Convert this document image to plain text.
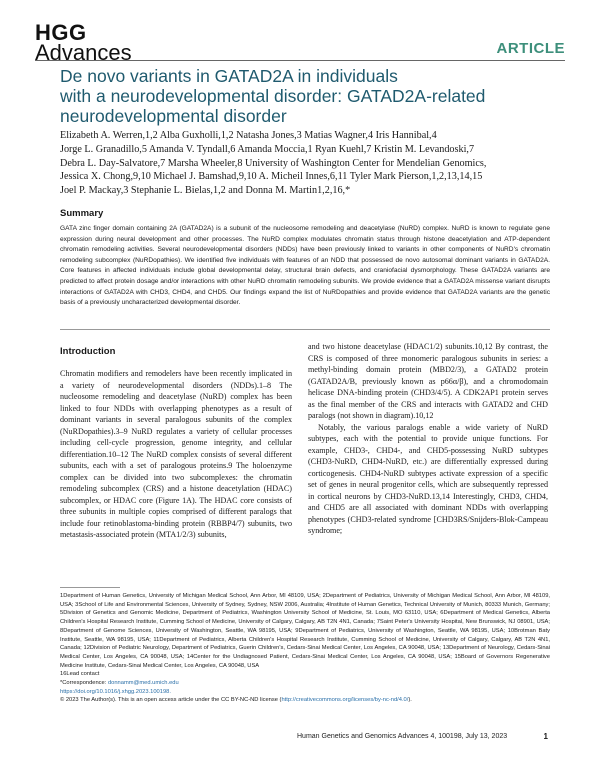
HGG
Advances	ARTICLE
De novo variants in GATAD2A in individuals
with a neurodevelopmental disorder: GATAD2A-related
neurodevelopmental disorder
Elizabeth A. Werren,1,2 Alba Guxholli,1,2 Natasha Jones,3 Matias Wagner,4 Iris Hannibal,4
Jorge L. Granadillo,5 Amanda V. Tyndall,6 Amanda Moccia,1 Ryan Kuehl,7 Kristin M. Levandoski,7
Debra L. Day-Salvatore,7 Marsha Wheeler,8 University of Washington Center for Mendelian Genomics,
Jessica X. Chong,9,10 Michael J. Bamshad,9,10 A. Micheil Innes,6,11 Tyler Mark Pierson,1,2,13,14,15
Joel P. Mackay,3 Stephanie L. Bielas,1,2 and Donna M. Martin1,2,16,*
Summary
GATA zinc finger domain containing 2A (GATAD2A) is a subunit of the nucleosome remodeling and deacetylase (NuRD) complex. NuRD is known to regulate gene expression during neural development and other processes. The NuRD complex modulates chromatin status through histone deacetylation and ATP-dependent chromatin remodeling activities. Several neurodevelopmental disorders (NDDs) have been previously linked to variants in other components of NuRD's chromatin remodeling subcomplex (NuRDopathies). We identified five individuals with features of an NDD that possessed de novo autosomal dominant variants in GATAD2A. Core features in affected individuals include global developmental delay, structural brain defects, and craniofacial dysmorphology. These GATAD2A variants are predicted to affect protein dosage and/or interactions with other NuRD chromatin remodeling subunits. We provide evidence that a GATAD2A missense variant disrupts interactions of GATAD2A with CHD3, CHD4, and CHD5. Our findings expand the list of NuRDopathies and provide evidence that GATAD2A variants are the genetic basis of a previously uncharacterized developmental disorder.
Introduction

Chromatin modifiers and remodelers have been recently implicated in a variety of neurodevelopmental disorders (NDDs).1–8 The nucleosome remodeling and deacetylase (NuRD) complex has been linked to four NDDs with overlapping phenotypes as a result of dominant variants in several paralogous subunits of the complex (NuRDopathies).3–9 NuRD regulates a variety of cellular processes including cell-cycle progression, genome integrity, and cellular differentiation.10–12 The NuRD complex consists of several different subunits, each with a set of paralogous proteins.9 The holoenzyme complex can be divided into two subcomplexes: the chromatin remodeling subcomplex (CRS) and a histone deacetylation (HDAC) subcomplex, or HDAC core (Figure 1A). The HDAC core consists of three subunits in multiple copies comprised of different paralogs that include four retinoblastoma-binding protein (RBBP4/7) subunits, two metastasis-associated protein (MTA1/2/3) subunits,

and two histone deacetylase (HDAC1/2) subunits.10,12 By contrast, the CRS is composed of three monomeric paralogous subunits in series: a methyl-binding domain protein (MBD2/3), a GATAD2 protein (GATAD2A/B, previously known as p66α/β), and a chromodomain helicase DNA-binding protein (CHD3/4/5). A CDK2AP1 protein serves as the final member of the CRS and interacts with GATAD2 and CHD paralogs (not shown in diagram).10,12

Notably, the various paralogs enable a wide variety of NuRD subtypes, each with the potential to provide unique functions. For example, CHD3-, CHD4-, and CHD5-possessing NuRD subtypes (CHD3-NuRD, CHD4-NuRD, etc.) are differentially expressed during corticogenesis. CHD4-NuRD subtypes activate expression of a specific set of genes in neural progenitor cells, which are subsequently repressed in cortical neurons by CHD3-NuRD.13,14 Interestingly, CHD3, CHD4, and CHD5 are all associated with dominant NDDs with overlapping phenotypes (CHD3-related syndrome [CHD3RS/Snijders-Blok-Campeau syndrome;

1Department of Human Genetics, University of Michigan Medical School, Ann Arbor, MI 48109, USA; 2Department of Pediatrics, University of Michigan Medical School, Ann Arbor, MI 48109, USA; 3School of Life and Environmental Sciences, University of Sydney, Sydney, NSW 2006, Australia; 4Institute of Human Genetics, Technical University of Munich, 80333 Munich, Germany; 5Division of Genetics and Genomic Medicine, Department of Pediatrics, Washington University School of Medicine, St. Louis, MO 63110, USA; 6Department of Medical Genetics, Alberta Children's Hospital Research Institute, Cumming School of Medicine, University of Calgary, Calgary, AB T2N 4N1, Canada; 7Saint Peter's University Hospital, New Brunswick, NJ 08901, USA; 8Department of Genome Sciences, University of Washington, Seattle, WA 98195, USA; 9Department of Pediatrics, University of Washington, Seattle, WA 98195, USA; 10Brotman Baty Institute, Seattle, WA 98195, USA; 11Department of Pediatrics, Alberta Children's Hospital Research Institute, Cumming School of Medicine, University of Calgary, Calgary, AB T2N 4N1, Canada; 12Division of Pediatric Neurology, Department of Pediatrics, Guerin Children's, Cedars-Sinai Medical Center, Los Angeles, CA 90048, USA; 13Department of Neurology, Cedars-Sinai Medical Center, Los Angeles, CA 90048, USA; 14Center for the Undiagnosed Patient, Cedars-Sinai Medical Center, Los Angeles, CA 90048, USA; 15Board of Governors Regenerative Medicine Institute, Cedars-Sinai Medical Center, Los Angeles, CA 90048, USA
16Lead contact
*Correspondence: donnamm@med.umich.edu
https://doi.org/10.1016/j.xhgg.2023.100198.
© 2023 The Author(s). This is an open access article under the CC BY-NC-ND license (http://creativecommons.org/licenses/by-nc-nd/4.0/).
Human Genetics and Genomics Advances 4, 100198, July 13, 2023	1
